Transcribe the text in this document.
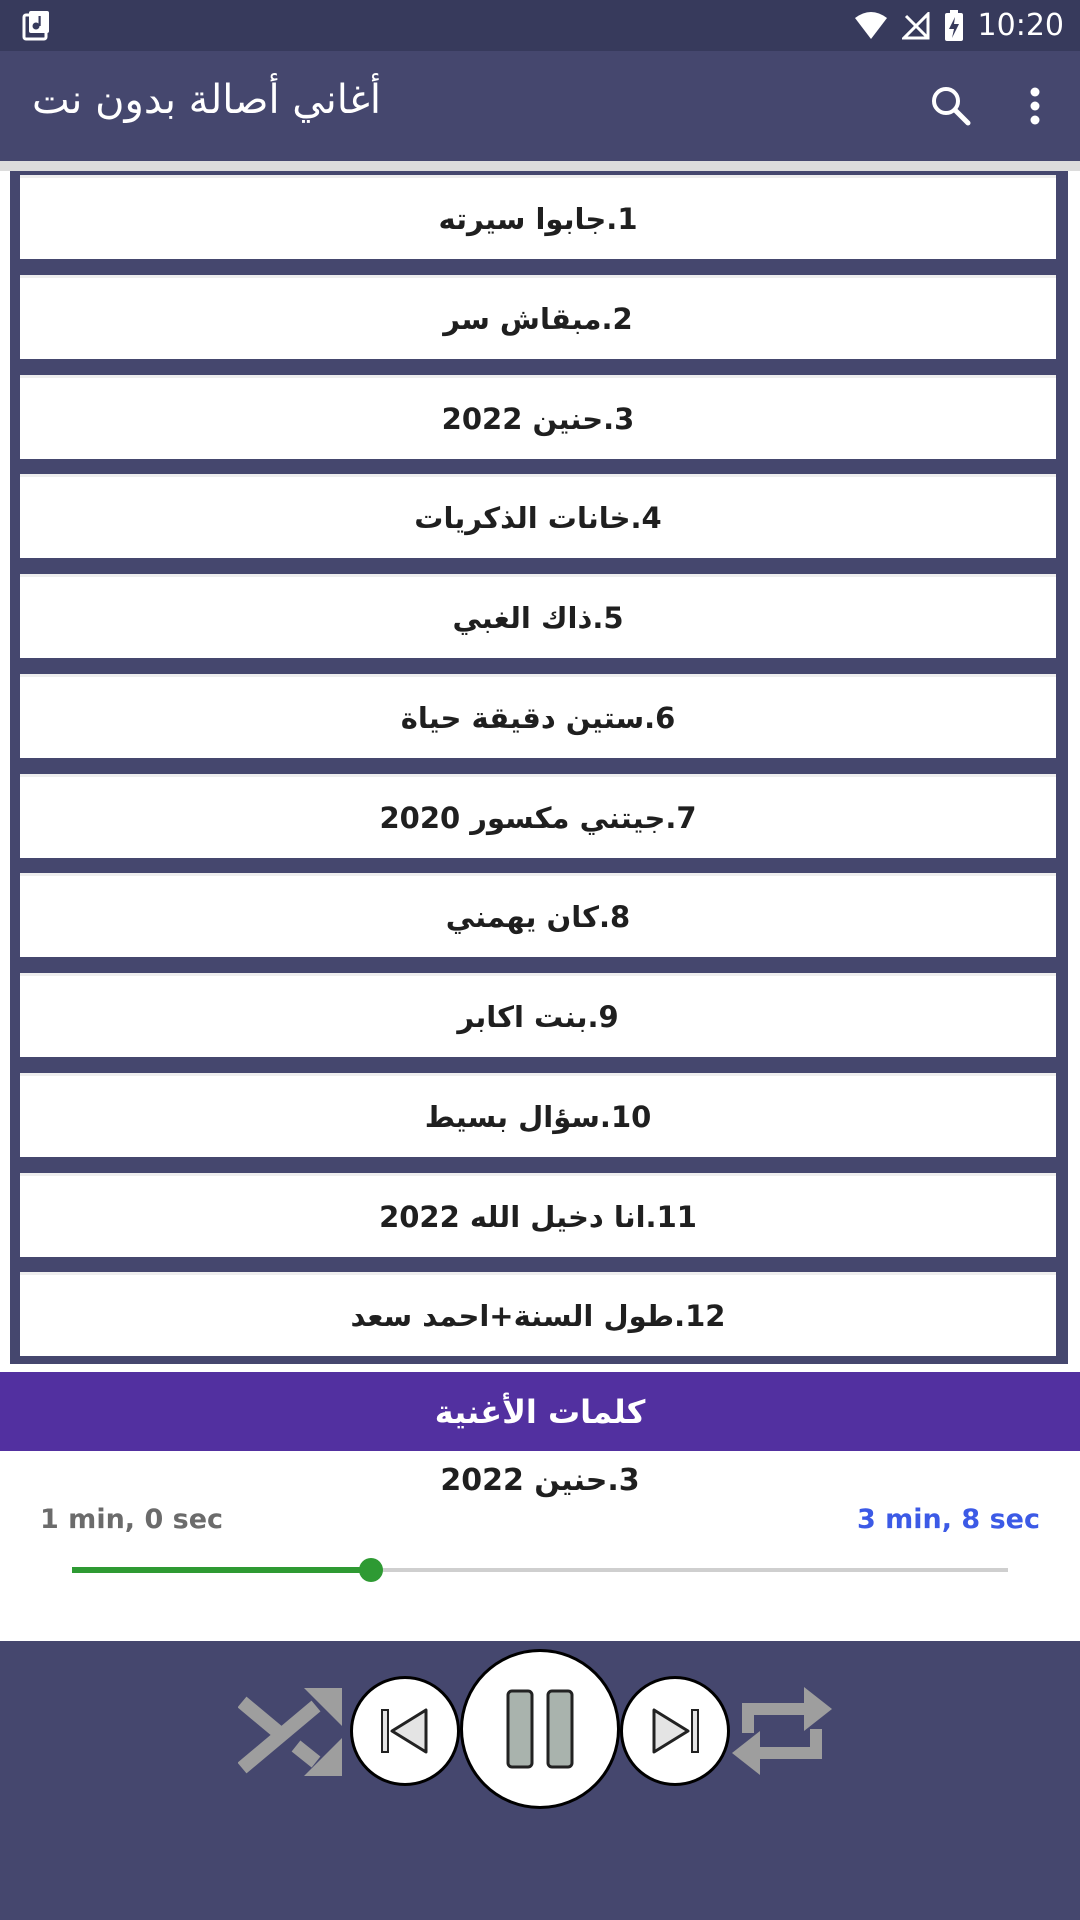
10:20
أغاني أصالة بدون نت
1.جابوا سيرته
2.مبقاش سر
3.حنين 2022
4.خانات الذكريات
5.ذاك الغبي
6.ستين دقيقة حياة
7.جيتني مكسور 2020
8.كان يهمني
9.بنت اكابر
10.سؤال بسيط
11.انا دخيل الله 2022
12.طول السنة+احمد سعد
كلمات الأغنية
3.حنين 2022
1 min, 0 sec	3 min, 8 sec
